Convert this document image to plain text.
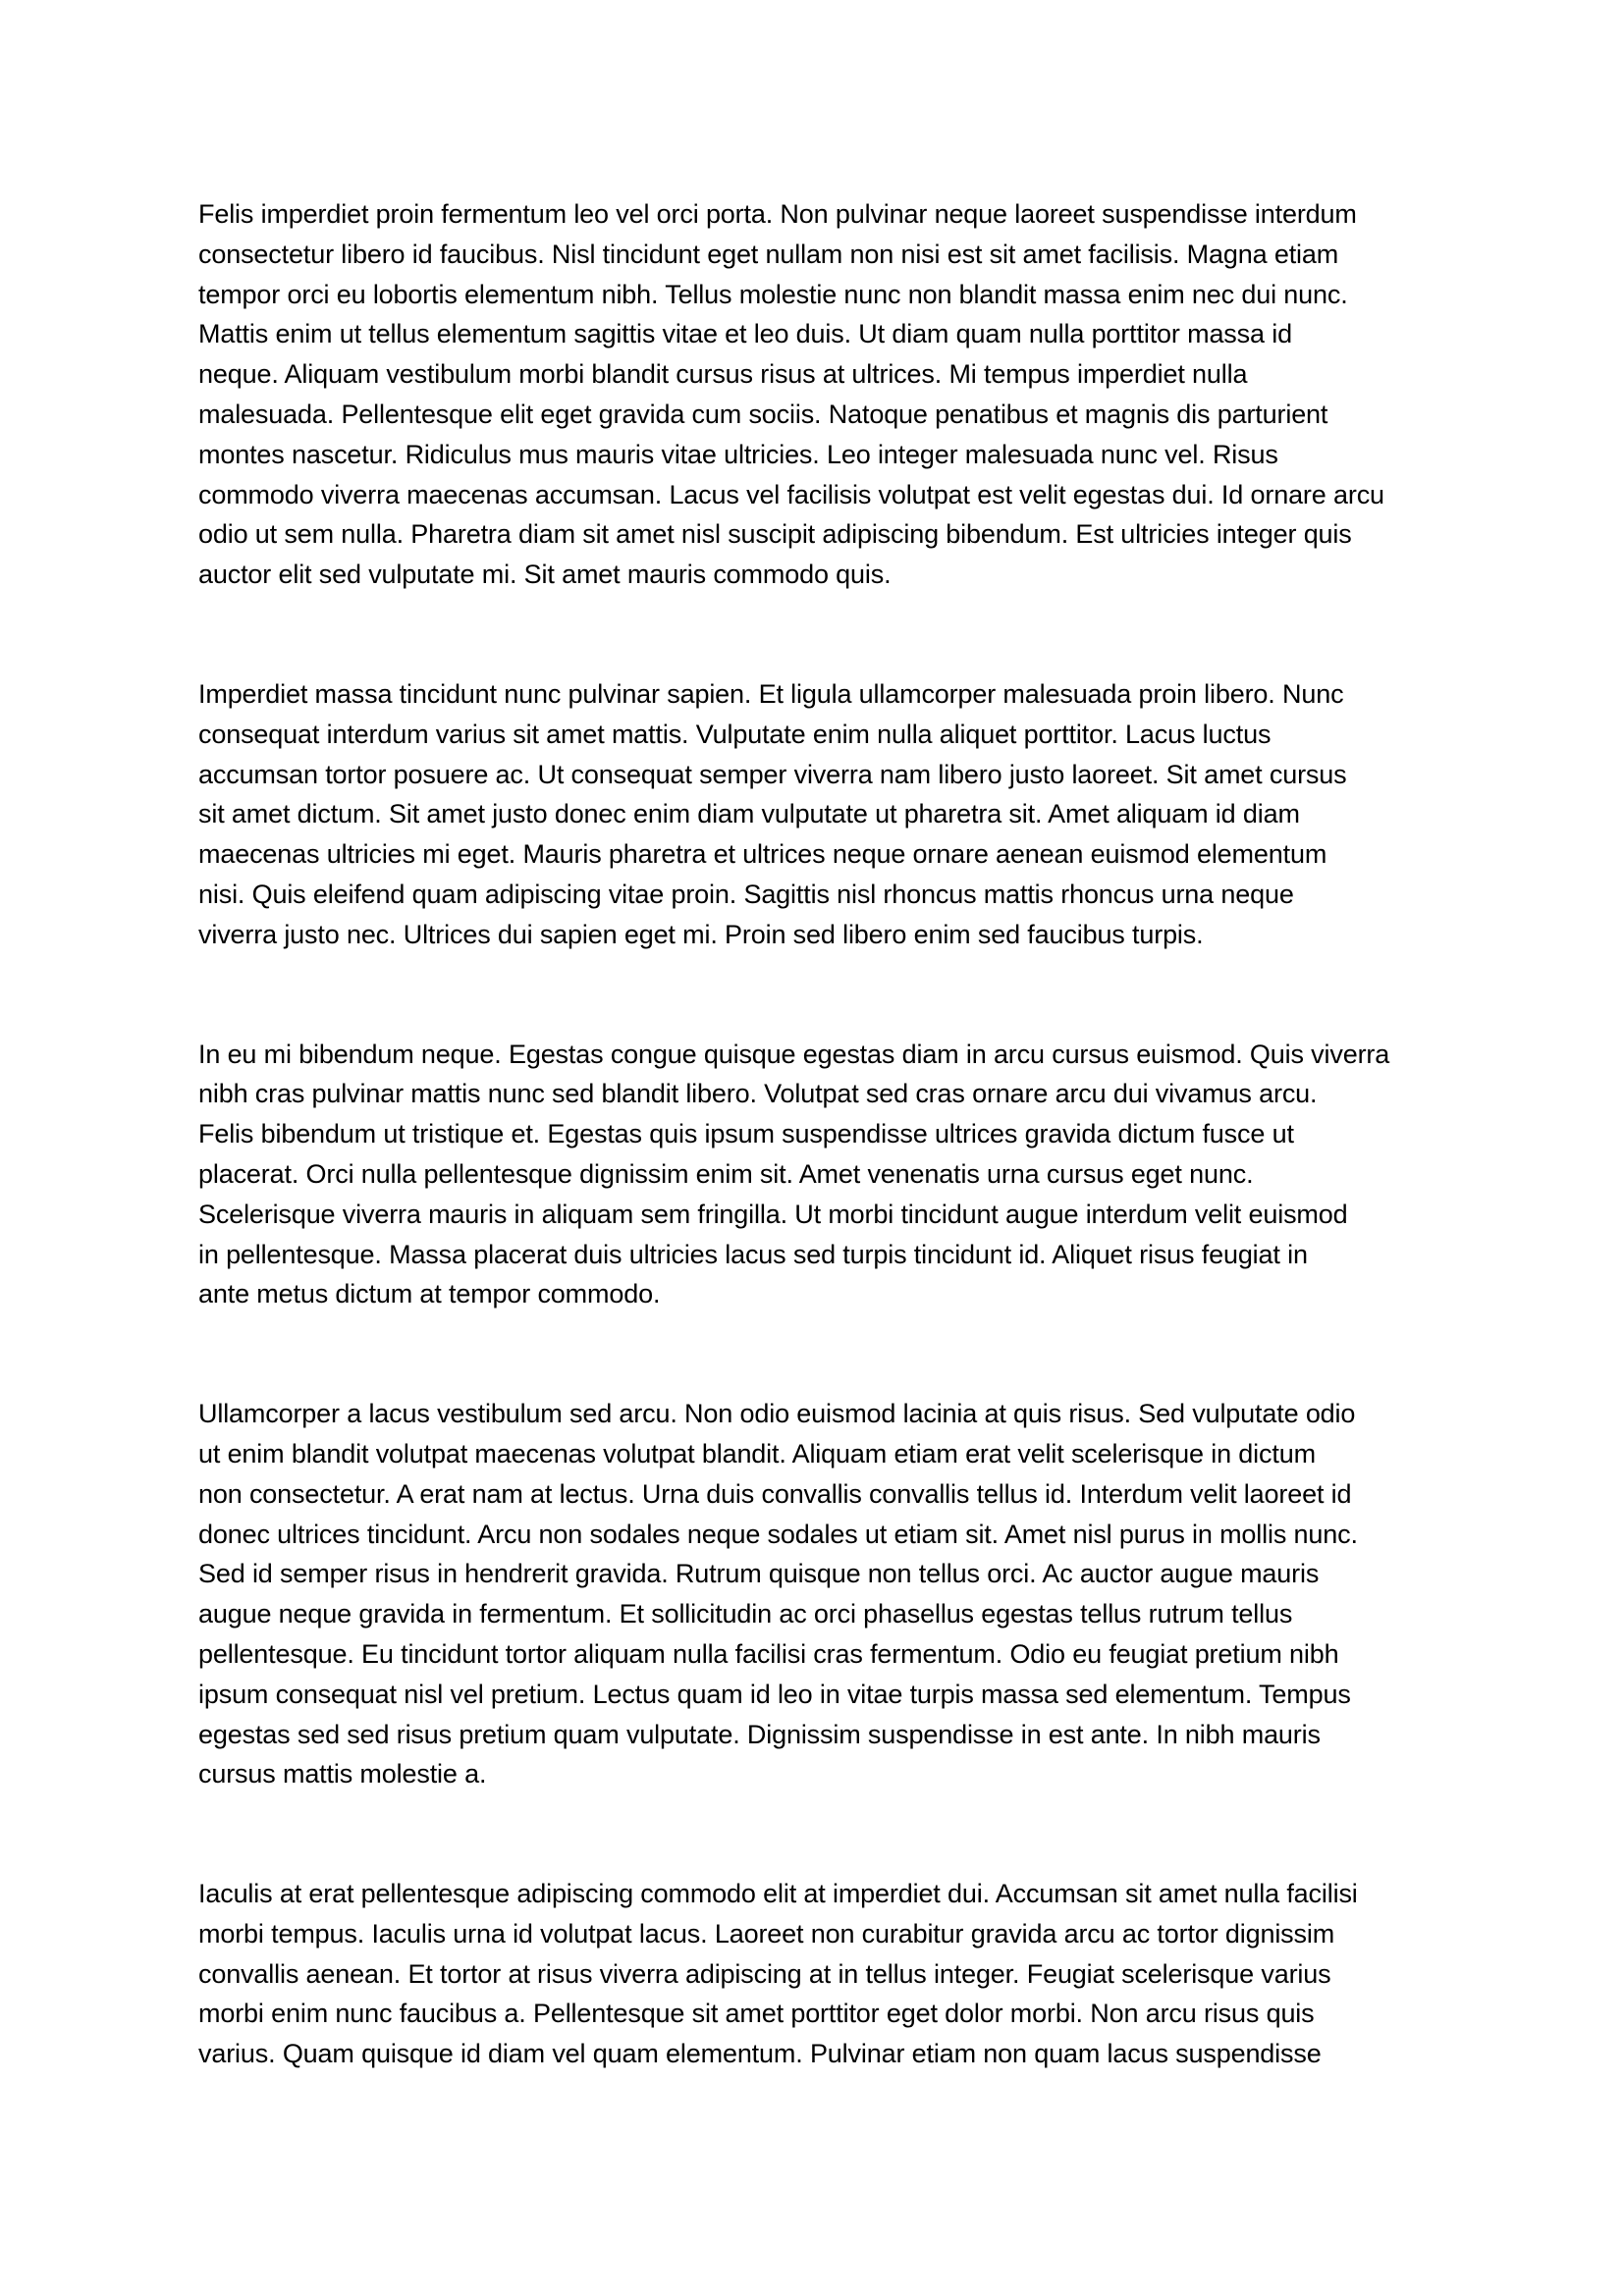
Felis imperdiet proin fermentum leo vel orci porta. Non pulvinar neque laoreet suspendisse interdum
consectetur libero id faucibus. Nisl tincidunt eget nullam non nisi est sit amet facilisis. Magna etiam
tempor orci eu lobortis elementum nibh. Tellus molestie nunc non blandit massa enim nec dui nunc.
Mattis enim ut tellus elementum sagittis vitae et leo duis. Ut diam quam nulla porttitor massa id
neque. Aliquam vestibulum morbi blandit cursus risus at ultrices. Mi tempus imperdiet nulla
malesuada. Pellentesque elit eget gravida cum sociis. Natoque penatibus et magnis dis parturient
montes nascetur. Ridiculus mus mauris vitae ultricies. Leo integer malesuada nunc vel. Risus
commodo viverra maecenas accumsan. Lacus vel facilisis volutpat est velit egestas dui. Id ornare arcu
odio ut sem nulla. Pharetra diam sit amet nisl suscipit adipiscing bibendum. Est ultricies integer quis
auctor elit sed vulputate mi. Sit amet mauris commodo quis.

Imperdiet massa tincidunt nunc pulvinar sapien. Et ligula ullamcorper malesuada proin libero. Nunc
consequat interdum varius sit amet mattis. Vulputate enim nulla aliquet porttitor. Lacus luctus
accumsan tortor posuere ac. Ut consequat semper viverra nam libero justo laoreet. Sit amet cursus
sit amet dictum. Sit amet justo donec enim diam vulputate ut pharetra sit. Amet aliquam id diam
maecenas ultricies mi eget. Mauris pharetra et ultrices neque ornare aenean euismod elementum
nisi. Quis eleifend quam adipiscing vitae proin. Sagittis nisl rhoncus mattis rhoncus urna neque
viverra justo nec. Ultrices dui sapien eget mi. Proin sed libero enim sed faucibus turpis.

In eu mi bibendum neque. Egestas congue quisque egestas diam in arcu cursus euismod. Quis viverra
nibh cras pulvinar mattis nunc sed blandit libero. Volutpat sed cras ornare arcu dui vivamus arcu.
Felis bibendum ut tristique et. Egestas quis ipsum suspendisse ultrices gravida dictum fusce ut
placerat. Orci nulla pellentesque dignissim enim sit. Amet venenatis urna cursus eget nunc.
Scelerisque viverra mauris in aliquam sem fringilla. Ut morbi tincidunt augue interdum velit euismod
in pellentesque. Massa placerat duis ultricies lacus sed turpis tincidunt id. Aliquet risus feugiat in
ante metus dictum at tempor commodo.

Ullamcorper a lacus vestibulum sed arcu. Non odio euismod lacinia at quis risus. Sed vulputate odio
ut enim blandit volutpat maecenas volutpat blandit. Aliquam etiam erat velit scelerisque in dictum
non consectetur. A erat nam at lectus. Urna duis convallis convallis tellus id. Interdum velit laoreet id
donec ultrices tincidunt. Arcu non sodales neque sodales ut etiam sit. Amet nisl purus in mollis nunc.
Sed id semper risus in hendrerit gravida. Rutrum quisque non tellus orci. Ac auctor augue mauris
augue neque gravida in fermentum. Et sollicitudin ac orci phasellus egestas tellus rutrum tellus
pellentesque. Eu tincidunt tortor aliquam nulla facilisi cras fermentum. Odio eu feugiat pretium nibh
ipsum consequat nisl vel pretium. Lectus quam id leo in vitae turpis massa sed elementum. Tempus
egestas sed sed risus pretium quam vulputate. Dignissim suspendisse in est ante. In nibh mauris
cursus mattis molestie a.

Iaculis at erat pellentesque adipiscing commodo elit at imperdiet dui. Accumsan sit amet nulla facilisi
morbi tempus. Iaculis urna id volutpat lacus. Laoreet non curabitur gravida arcu ac tortor dignissim
convallis aenean. Et tortor at risus viverra adipiscing at in tellus integer. Feugiat scelerisque varius
morbi enim nunc faucibus a. Pellentesque sit amet porttitor eget dolor morbi. Non arcu risus quis
varius. Quam quisque id diam vel quam elementum. Pulvinar etiam non quam lacus suspendisse
